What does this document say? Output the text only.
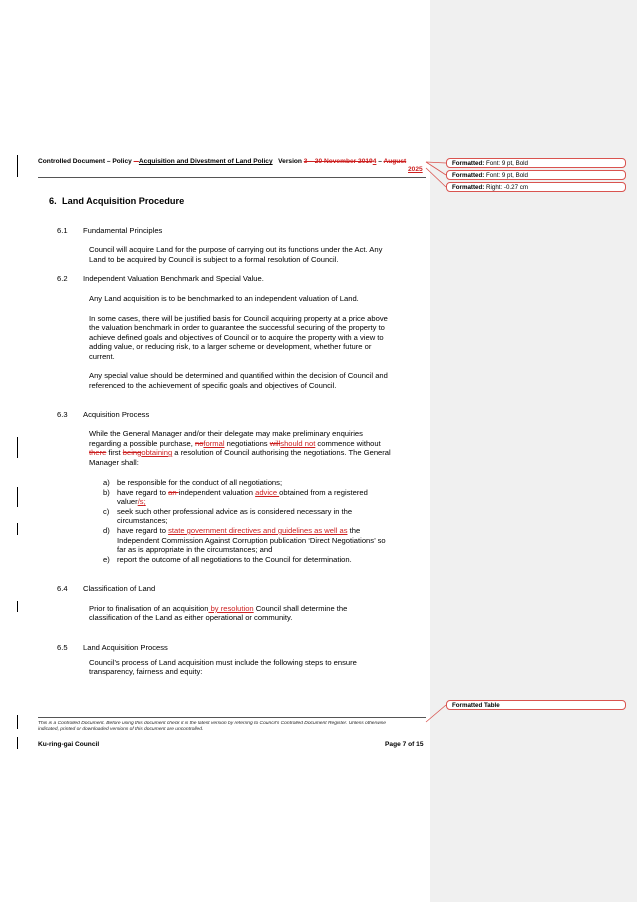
Controlled Document – Policy – Acquisition and Divestment of Land Policy Version 3 – 20 November 20194 – August
2025
6. Land Acquisition Procedure
6.1 Fundamental Principles
Council will acquire Land for the purpose of carrying out its functions under the Act. Any
Land to be acquired by Council is subject to a formal resolution of Council.
6.2 Independent Valuation Benchmark and Special Value.
Any Land acquisition is to be benchmarked to an independent valuation of Land.
In some cases, there will be justified basis for Council acquiring property at a price above
the valuation benchmark in order to guarantee the successful securing of the property to
achieve defined goals and objectives of Council or to acquire the property with a view to
adding value, or reducing risk, to a larger scheme or development, whether future or
current.
Any special value should be determined and quantified within the decision of Council and
referenced to the achievement of specific goals and objectives of Council.
6.3 Acquisition Process
While the General Manager and/or their delegate may make preliminary enquiries
regarding a possible purchase, noformal negotiations willshould not commence without
there first beingobtaining a resolution of Council authorising the negotiations. The General
Manager shall:
a) be responsible for the conduct of all negotiations;
b) have regard to an independent valuation advice obtained from a registered
valuer/s;
c) seek such other professional advice as is considered necessary in the
circumstances;
d) have regard to state government directives and guidelines as well as the
Independent Commission Against Corruption publication ‘Direct Negotiations’ so
far as is appropriate in the circumstances; and
e) report the outcome of all negotiations to the Council for determination.
6.4 Classification of Land
Prior to finalisation of an acquisition by resolution Council shall determine the
classification of the Land as either operational or community.
6.5 Land Acquisition Process
Council’s process of Land acquisition must include the following steps to ensure
transparency, fairness and equity:
This is a Controlled Document. Before using this document check it is the latest version by referring to Council’s Controlled Document Register. Unless otherwise
indicated, printed or downloaded versions of this document are uncontrolled.
Ku-ring-gai Council	Page 7 of 15
Formatted: Font: 9 pt, Bold
Formatted: Font: 9 pt, Bold
Formatted: Right: -0.27 cm
Formatted Table
